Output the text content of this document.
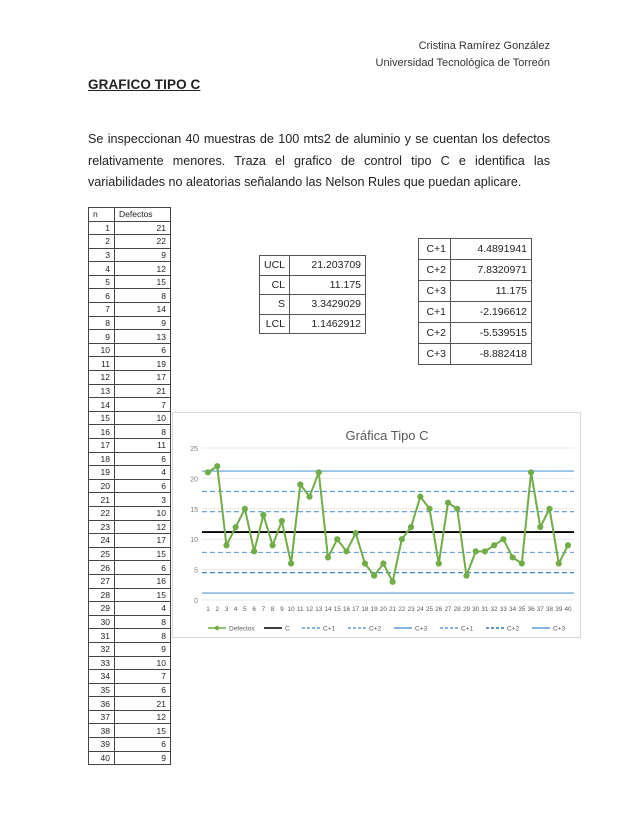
Cristina Ramírez González
Universidad Tecnológica de Torreón
GRAFICO TIPO C
Se inspeccionan 40 muestras de 100 mts2 de aluminio y se cuentan los defectos relativamente menores. Traza el grafico de control tipo C e identifica las variabilidades no aleatorias señalando las Nelson Rules que puedan aplicare.
n	Defectos
1	21
2	22
3	9
4	12
5	15
6	8
7	14
8	9
9	13
10	6
11	19
12	17
13	21
14	7
15	10
16	8
17	11
18	6
19	4
20	6
21	3
22	10
23	12
24	17
25	15
26	6
27	16
28	15
29	4
30	8
31	8
32	9
33	10
34	7
35	6
36	21
37	12
38	15
39	6
40	9
UCL	21.203709
CL	11.175
S	3.3429029
LCL	1.1462912
C+1	4.4891941
C+2	7.8320971
C+3	11.175
C+1	-2.196612
C+2	-5.539515
C+3	-8.882418
Gráfica Tipo C
0
5
10
15
20
25
1 2 3 4 5 6 7 8 9 10 11 12 13 14 15 16 17 18 19 20 21 22 23 24 25 26 27 28 29 30 31 32 33 34 35 36 37 38 39 40
Defectos	C	C+1	C+2	C+3	C+1	C+2	C+3
